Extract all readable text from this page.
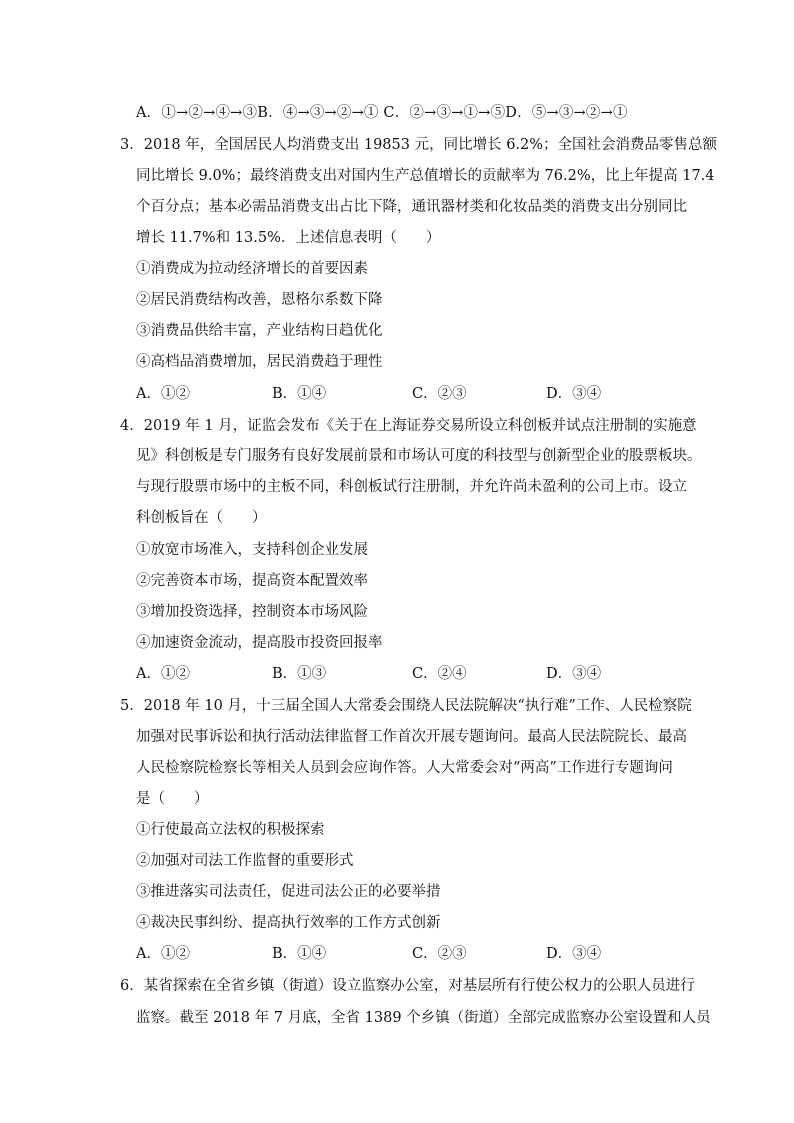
A．①→②→④→③B．④→③→②→① C．②→③→①→⑤D．⑤→③→②→①
3．2018 年，全国居民人均消费支出 19853 元，同比增长 6.2%；全国社会消费品零售总额
同比增长 9.0%；最终消费支出对国内生产总值增长的贡献率为 76.2%，比上年提高 17.4
个百分点；基本必需品消费支出占比下降，通讯器材类和化妆品类的消费支出分别同比
增长 11.7%和 13.5%．上述信息表明（　　）
①消费成为拉动经济增长的首要因素
②居民消费结构改善，恩格尔系数下降
③消费品供给丰富，产业结构日趋优化
④高档品消费增加，居民消费趋于理性
A．①②	B．①④	C．②③	D．③④
4．2019 年 1 月，证监会发布《关于在上海证券交易所设立科创板并试点注册制的实施意
见》科创板是专门服务有良好发展前景和市场认可度的科技型与创新型企业的股票板块。
与现行股票市场中的主板不同，科创板试行注册制，并允许尚未盈利的公司上市。设立
科创板旨在（　　）
①放宽市场准入，支持科创企业发展
②完善资本市场，提高资本配置效率
③增加投资选择，控制资本市场风险
④加速资金流动，提高股市投资回报率
A．①②	B．①③	C．②④	D．③④
5．2018 年 10 月，十三届全国人大常委会围绕人民法院解决“执行难”工作、人民检察院
加强对民事诉讼和执行活动法律监督工作首次开展专题询问。最高人民法院院长、最高
人民检察院检察长等相关人员到会应询作答。人大常委会对“两高”工作进行专题询问
是（　　）
①行使最高立法权的积极探索
②加强对司法工作监督的重要形式
③推进落实司法责任，促进司法公正的必要举措
④裁决民事纠纷、提高执行效率的工作方式创新
A．①②	B．①④	C．②③	D．③④
6．某省探索在全省乡镇（街道）设立监察办公室，对基层所有行使公权力的公职人员进行
监察。截至 2018 年 7 月底，全省 1389 个乡镇（街道）全部完成监察办公室设置和人员
